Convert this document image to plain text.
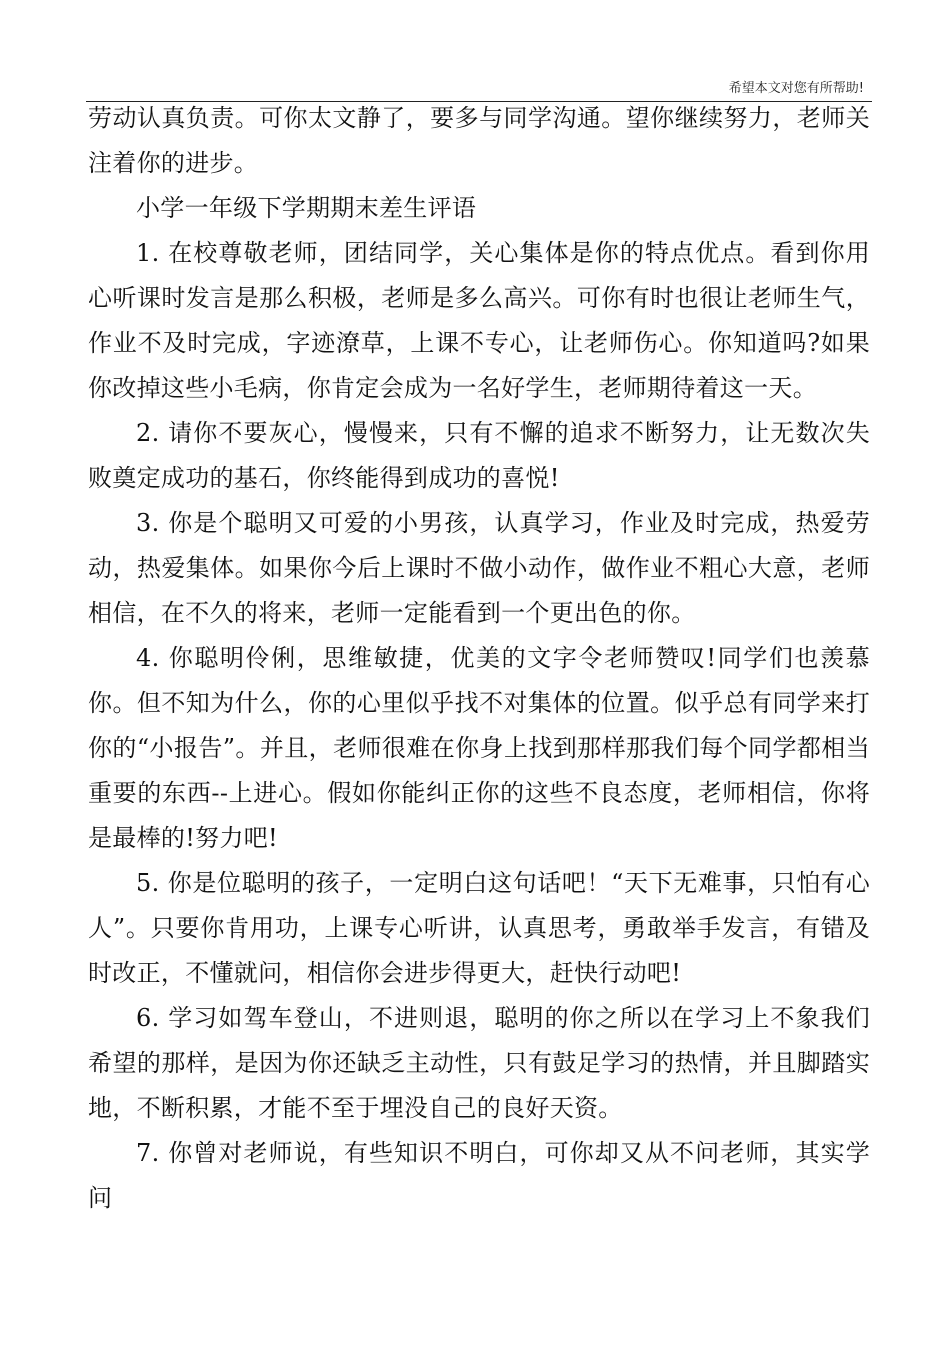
希望本文对您有所帮助!

劳动认真负责。可你太文静了，要多与同学沟通。望你继续努力，老师关注着你的进步。

小学一年级下学期期末差生评语

1. 在校尊敬老师，团结同学，关心集体是你的特点优点。看到你用心听课时发言是那么积极，老师是多么高兴。可你有时也很让老师生气，作业不及时完成，字迹潦草，上课不专心，让老师伤心。你知道吗?如果你改掉这些小毛病，你肯定会成为一名好学生，老师期待着这一天。

2. 请你不要灰心，慢慢来，只有不懈的追求不断努力，让无数次失败奠定成功的基石，你终能得到成功的喜悦!

3. 你是个聪明又可爱的小男孩，认真学习，作业及时完成，热爱劳动，热爱集体。如果你今后上课时不做小动作，做作业不粗心大意，老师相信，在不久的将来，老师一定能看到一个更出色的你。

4. 你聪明伶俐，思维敏捷，优美的文字令老师赞叹!同学们也羡慕你。但不知为什么，你的心里似乎找不对集体的位置。似乎总有同学来打你的“小报告”。并且，老师很难在你身上找到那样那我们每个同学都相当重要的东西--上进心。假如你能纠正你的这些不良态度，老师相信，你将是最棒的!努力吧!

5. 你是位聪明的孩子，一定明白这句话吧！“天下无难事，只怕有心人”。只要你肯用功，上课专心听讲，认真思考，勇敢举手发言，有错及时改正，不懂就问，相信你会进步得更大，赶快行动吧!

6. 学习如驾车登山，不进则退，聪明的你之所以在学习上不象我们希望的那样，是因为你还缺乏主动性，只有鼓足学习的热情，并且脚踏实地，不断积累，才能不至于埋没自己的良好天资。

7. 你曾对老师说，有些知识不明白，可你却又从不问老师，其实学问
